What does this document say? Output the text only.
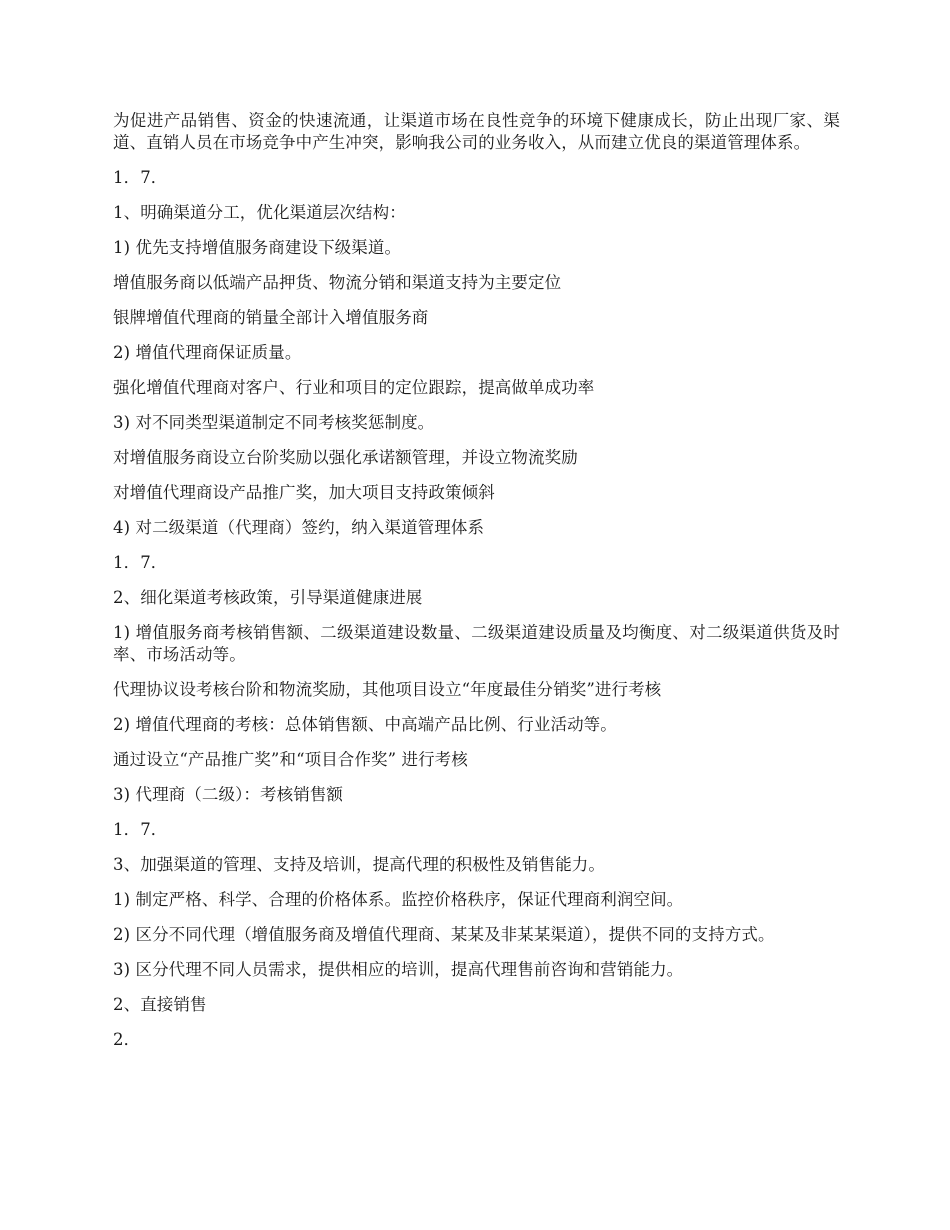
为促进产品销售、资金的快速流通，让渠道市场在良性竞争的环境下健康成长，防止出现厂家、渠道、直销人员在市场竞争中产生冲突，影响我公司的业务收入，从而建立优良的渠道管理体系。

1．7．

1、明确渠道分工，优化渠道层次结构：

1) 优先支持增值服务商建设下级渠道。

增值服务商以低端产品押货、物流分销和渠道支持为主要定位

银牌增值代理商的销量全部计入增值服务商

2) 增值代理商保证质量。

强化增值代理商对客户、行业和项目的定位跟踪，提高做单成功率

3) 对不同类型渠道制定不同考核奖惩制度。

对增值服务商设立台阶奖励以强化承诺额管理，并设立物流奖励

对增值代理商设产品推广奖，加大项目支持政策倾斜

4) 对二级渠道（代理商）签约，纳入渠道管理体系

1．7．

2、细化渠道考核政策，引导渠道健康进展

1) 增值服务商考核销售额、二级渠道建设数量、二级渠道建设质量及均衡度、对二级渠道供货及时率、市场活动等。

代理协议设考核台阶和物流奖励，其他项目设立“年度最佳分销奖”进行考核

2) 增值代理商的考核：总体销售额、中高端产品比例、行业活动等。

通过设立“产品推广奖”和“项目合作奖” 进行考核

3) 代理商（二级）：考核销售额

1．7．

3、加强渠道的管理、支持及培训，提高代理的积极性及销售能力。

1) 制定严格、科学、合理的价格体系。监控价格秩序，保证代理商利润空间。

2) 区分不同代理（增值服务商及增值代理商、某某及非某某渠道），提供不同的支持方式。

3) 区分代理不同人员需求，提供相应的培训，提高代理售前咨询和营销能力。

2、直接销售

2．
